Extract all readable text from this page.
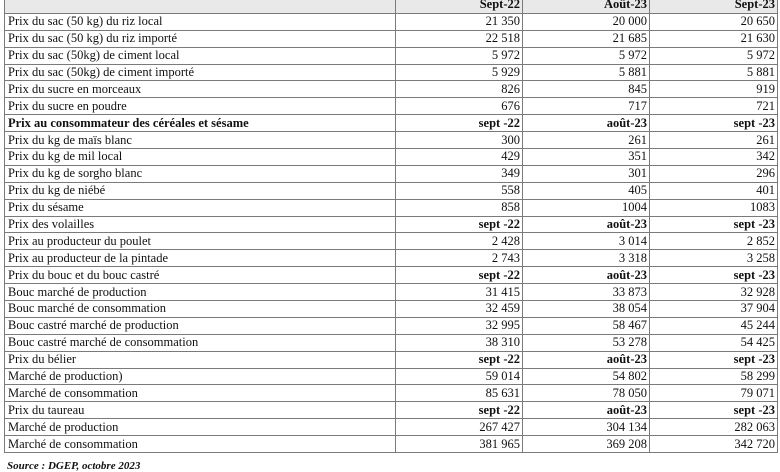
	Sept-22	Août-23	Sept-23
Prix du sac (50 kg) du riz local	21 350	20 000	20 650
Prix du sac (50 kg) du riz importé	22 518	21 685	21 630
Prix du sac (50kg) de ciment local	5 972	5 972	5 972
Prix du sac (50kg) de ciment importé	5 929	5 881	5 881
Prix du sucre en morceaux	826	845	919
Prix du sucre en poudre	676	717	721
Prix au consommateur des céréales et sésame	sept -22	août-23	sept -23
Prix du kg de maïs blanc	300	261	261
Prix du kg de mil local	429	351	342
Prix du kg de sorgho blanc	349	301	296
Prix du kg de niébé	558	405	401
Prix du sésame	858	1004	1083
Prix des volailles	sept -22	août-23	sept -23
Prix au producteur du poulet	2 428	3 014	2 852
Prix au producteur de la pintade	2 743	3 318	3 258
Prix du bouc et du bouc castré	sept -22	août-23	sept -23
Bouc marché de production	31 415	33 873	32 928
Bouc marché de consommation	32 459	38 054	37 904
Bouc castré marché de production	32 995	58 467	45 244
Bouc castré marché de consommation	38 310	53 278	54 425
Prix du bélier	sept -22	août-23	sept -23
Marché de production)	59 014	54 802	58 299
Marché de consommation	85 631	78 050	79 071
Prix du taureau	sept -22	août-23	sept -23
Marché de production	267 427	304 134	282 063
Marché de consommation	381 965	369 208	342 720
Source : DGEP, octobre 2023
